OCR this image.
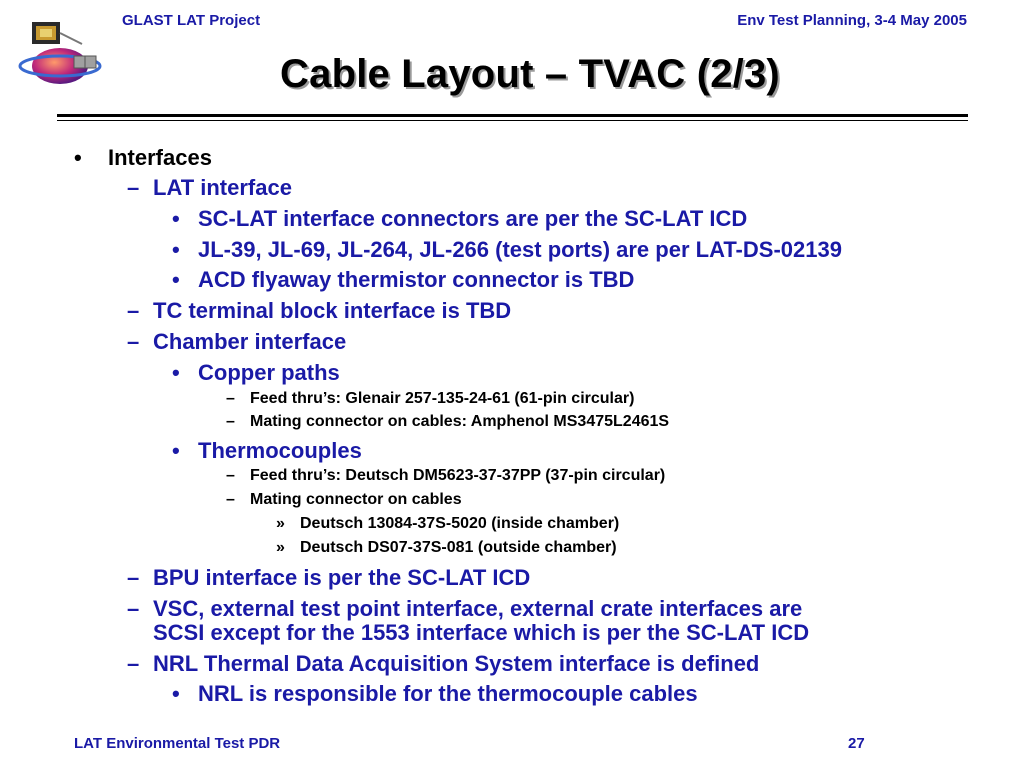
GLAST LAT Project	Env Test Planning, 3-4 May 2005
Cable Layout – TVAC (2/3)
• Interfaces
– LAT interface
• SC-LAT interface connectors are per the SC-LAT ICD
• JL-39, JL-69, JL-264, JL-266 (test ports) are per LAT-DS-02139
• ACD flyaway thermistor connector is TBD
– TC terminal block interface is TBD
– Chamber interface
• Copper paths
– Feed thru’s: Glenair 257-135-24-61 (61-pin circular)
– Mating connector on cables: Amphenol MS3475L2461S
• Thermocouples
– Feed thru’s: Deutsch DM5623-37-37PP (37-pin circular)
– Mating connector on cables
» Deutsch 13084-37S-5020 (inside chamber)
» Deutsch DS07-37S-081 (outside chamber)
– BPU interface is per the SC-LAT ICD
– VSC, external test point interface, external crate interfaces are
SCSI except for the 1553 interface which is per the SC-LAT ICD
– NRL Thermal Data Acquisition System interface is defined
• NRL is responsible for the thermocouple cables
LAT Environmental Test PDR	27
